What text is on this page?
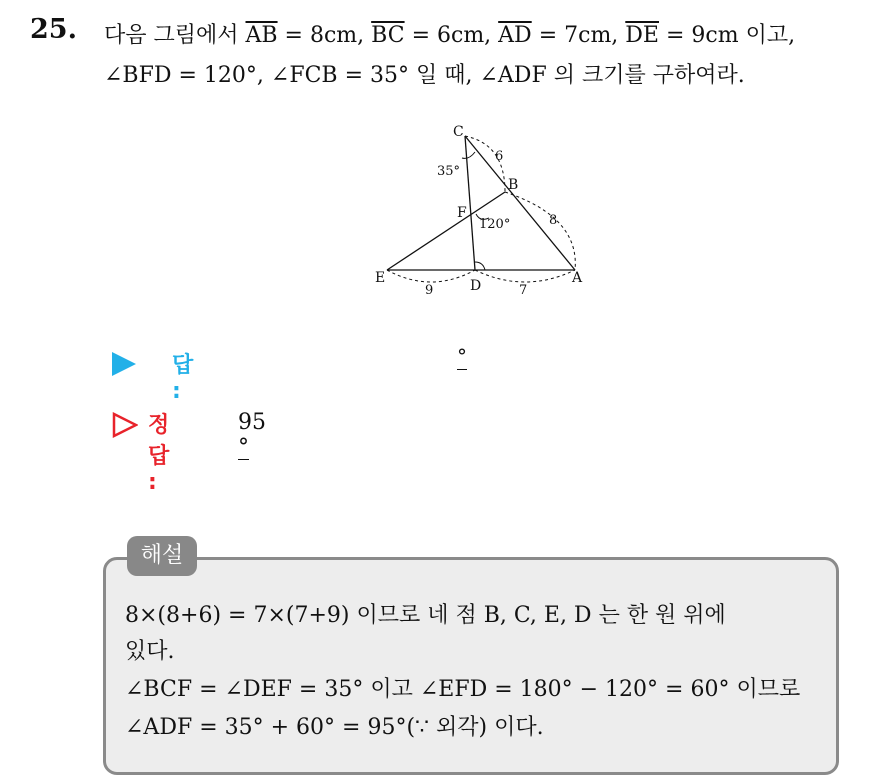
25. 다음 그림에서 $\overline{AB} = 8cm$, $\overline{BC} = 6cm$, $\overline{AD} = 7cm$, $\overline{DE} = 9cm$ 이고,
∠BFD = 120°, ∠FCB = 35° 일 때, ∠ADF 의 크기를 구하여라.
C
B
F
E	D	A
6
8
9	7
35°
120°
답 :
°
정답 :
95°
해설
8×(8+6) = 7×(7+9) 이므로 네 점 B, C, E, D 는 한 원 위에
있다.
∠BCF = ∠DEF = 35° 이고 ∠EFD = 180° − 120° = 60° 이므로
∠ADF = 35° + 60° = 95°(∵ 외각) 이다.
